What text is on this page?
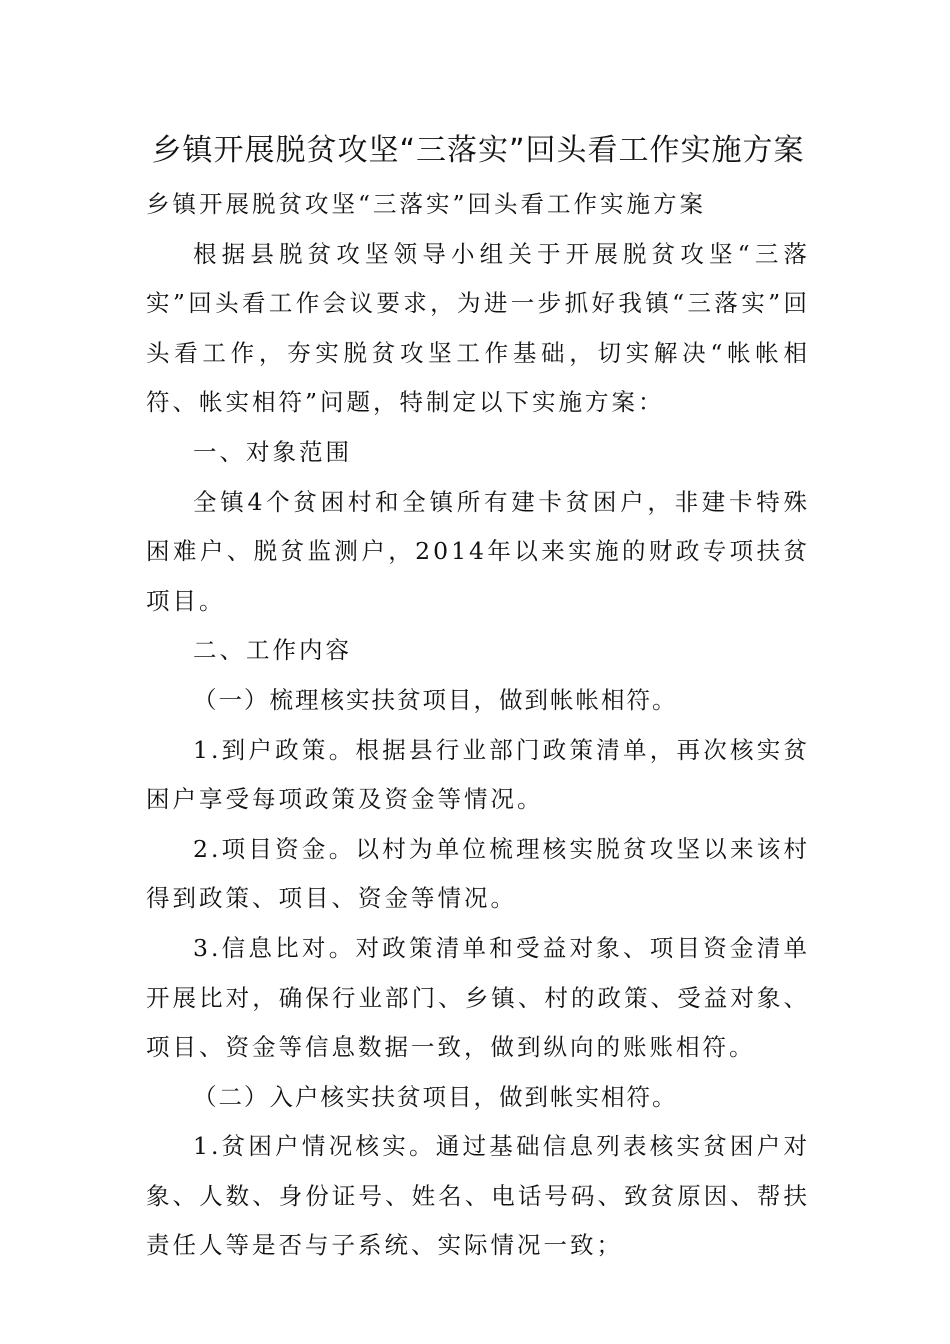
乡镇开展脱贫攻坚“三落实”回头看工作实施方案

乡镇开展脱贫攻坚“三落实”回头看工作实施方案

根据县脱贫攻坚领导小组关于开展脱贫攻坚“三落实”回头看工作会议要求，为进一步抓好我镇“三落实”回头看工作，夯实脱贫攻坚工作基础，切实解决“帐帐相符、帐实相符”问题，特制定以下实施方案：

一、对象范围

全镇4个贫困村和全镇所有建卡贫困户，非建卡特殊困难户、脱贫监测户，2014年以来实施的财政专项扶贫项目。

二、工作内容

（一）梳理核实扶贫项目，做到帐帐相符。

1.到户政策。根据县行业部门政策清单，再次核实贫困户享受每项政策及资金等情况。

2.项目资金。以村为单位梳理核实脱贫攻坚以来该村得到政策、项目、资金等情况。

3.信息比对。对政策清单和受益对象、项目资金清单开展比对，确保行业部门、乡镇、村的政策、受益对象、项目、资金等信息数据一致，做到纵向的账账相符。

（二）入户核实扶贫项目，做到帐实相符。

1.贫困户情况核实。通过基础信息列表核实贫困户对象、人数、身份证号、姓名、电话号码、致贫原因、帮扶责任人等是否与子系统、实际情况一致；
